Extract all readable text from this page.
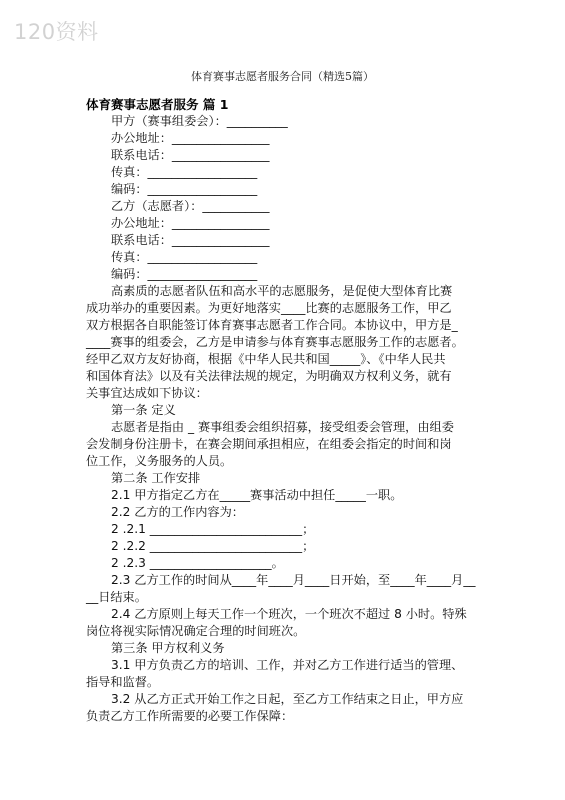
120资料
体育赛事志愿者服务合同（精选5篇）
体育赛事志愿者服务 篇 1
甲方（赛事组委会）：__________
办公地址：________________
联系电话：________________
传真：__________________
编码：__________________
乙方（志愿者）：___________
办公地址：________________
联系电话：________________
传真：__________________
编码：__________________
高素质的志愿者队伍和高水平的志愿服务，是促使大型体育比赛
成功举办的重要因素。为更好地落实____比赛的志愿服务工作，甲乙
双方根据各自职能签订体育赛事志愿者工作合同。本协议中，甲方是_
____赛事的组委会，乙方是申请参与体育赛事志愿服务工作的志愿者。
经甲乙双方友好协商，根据《中华人民共和国_____》、《中华人民共
和国体育法》以及有关法律法规的规定，为明确双方权利义务，就有
关事宜达成如下协议：
第一条 定义
志愿者是指由 _ 赛事组委会组织招募，接受组委会管理，由组委
会发制身份注册卡，在赛会期间承担相应，在组委会指定的时间和岗
位工作，义务服务的人员。
第二条 工作安排
2.1 甲方指定乙方在_____赛事活动中担任_____一职。
2.2 乙方的工作内容为：
2 .2.1 _________________________；
2 .2.2 _________________________；
2 .2.3 ____________________。
2.3 乙方工作的时间从____年____月____日开始，至____年____月__
__日结束。
2.4 乙方原则上每天工作一个班次，一个班次不超过 8 小时。特殊
岗位将视实际情况确定合理的时间班次。
第三条 甲方权利义务
3.1 甲方负责乙方的培训、工作，并对乙方工作进行适当的管理、
指导和监督。
3.2 从乙方正式开始工作之日起，至乙方工作结束之日止，甲方应
负责乙方工作所需要的必要工作保障：
